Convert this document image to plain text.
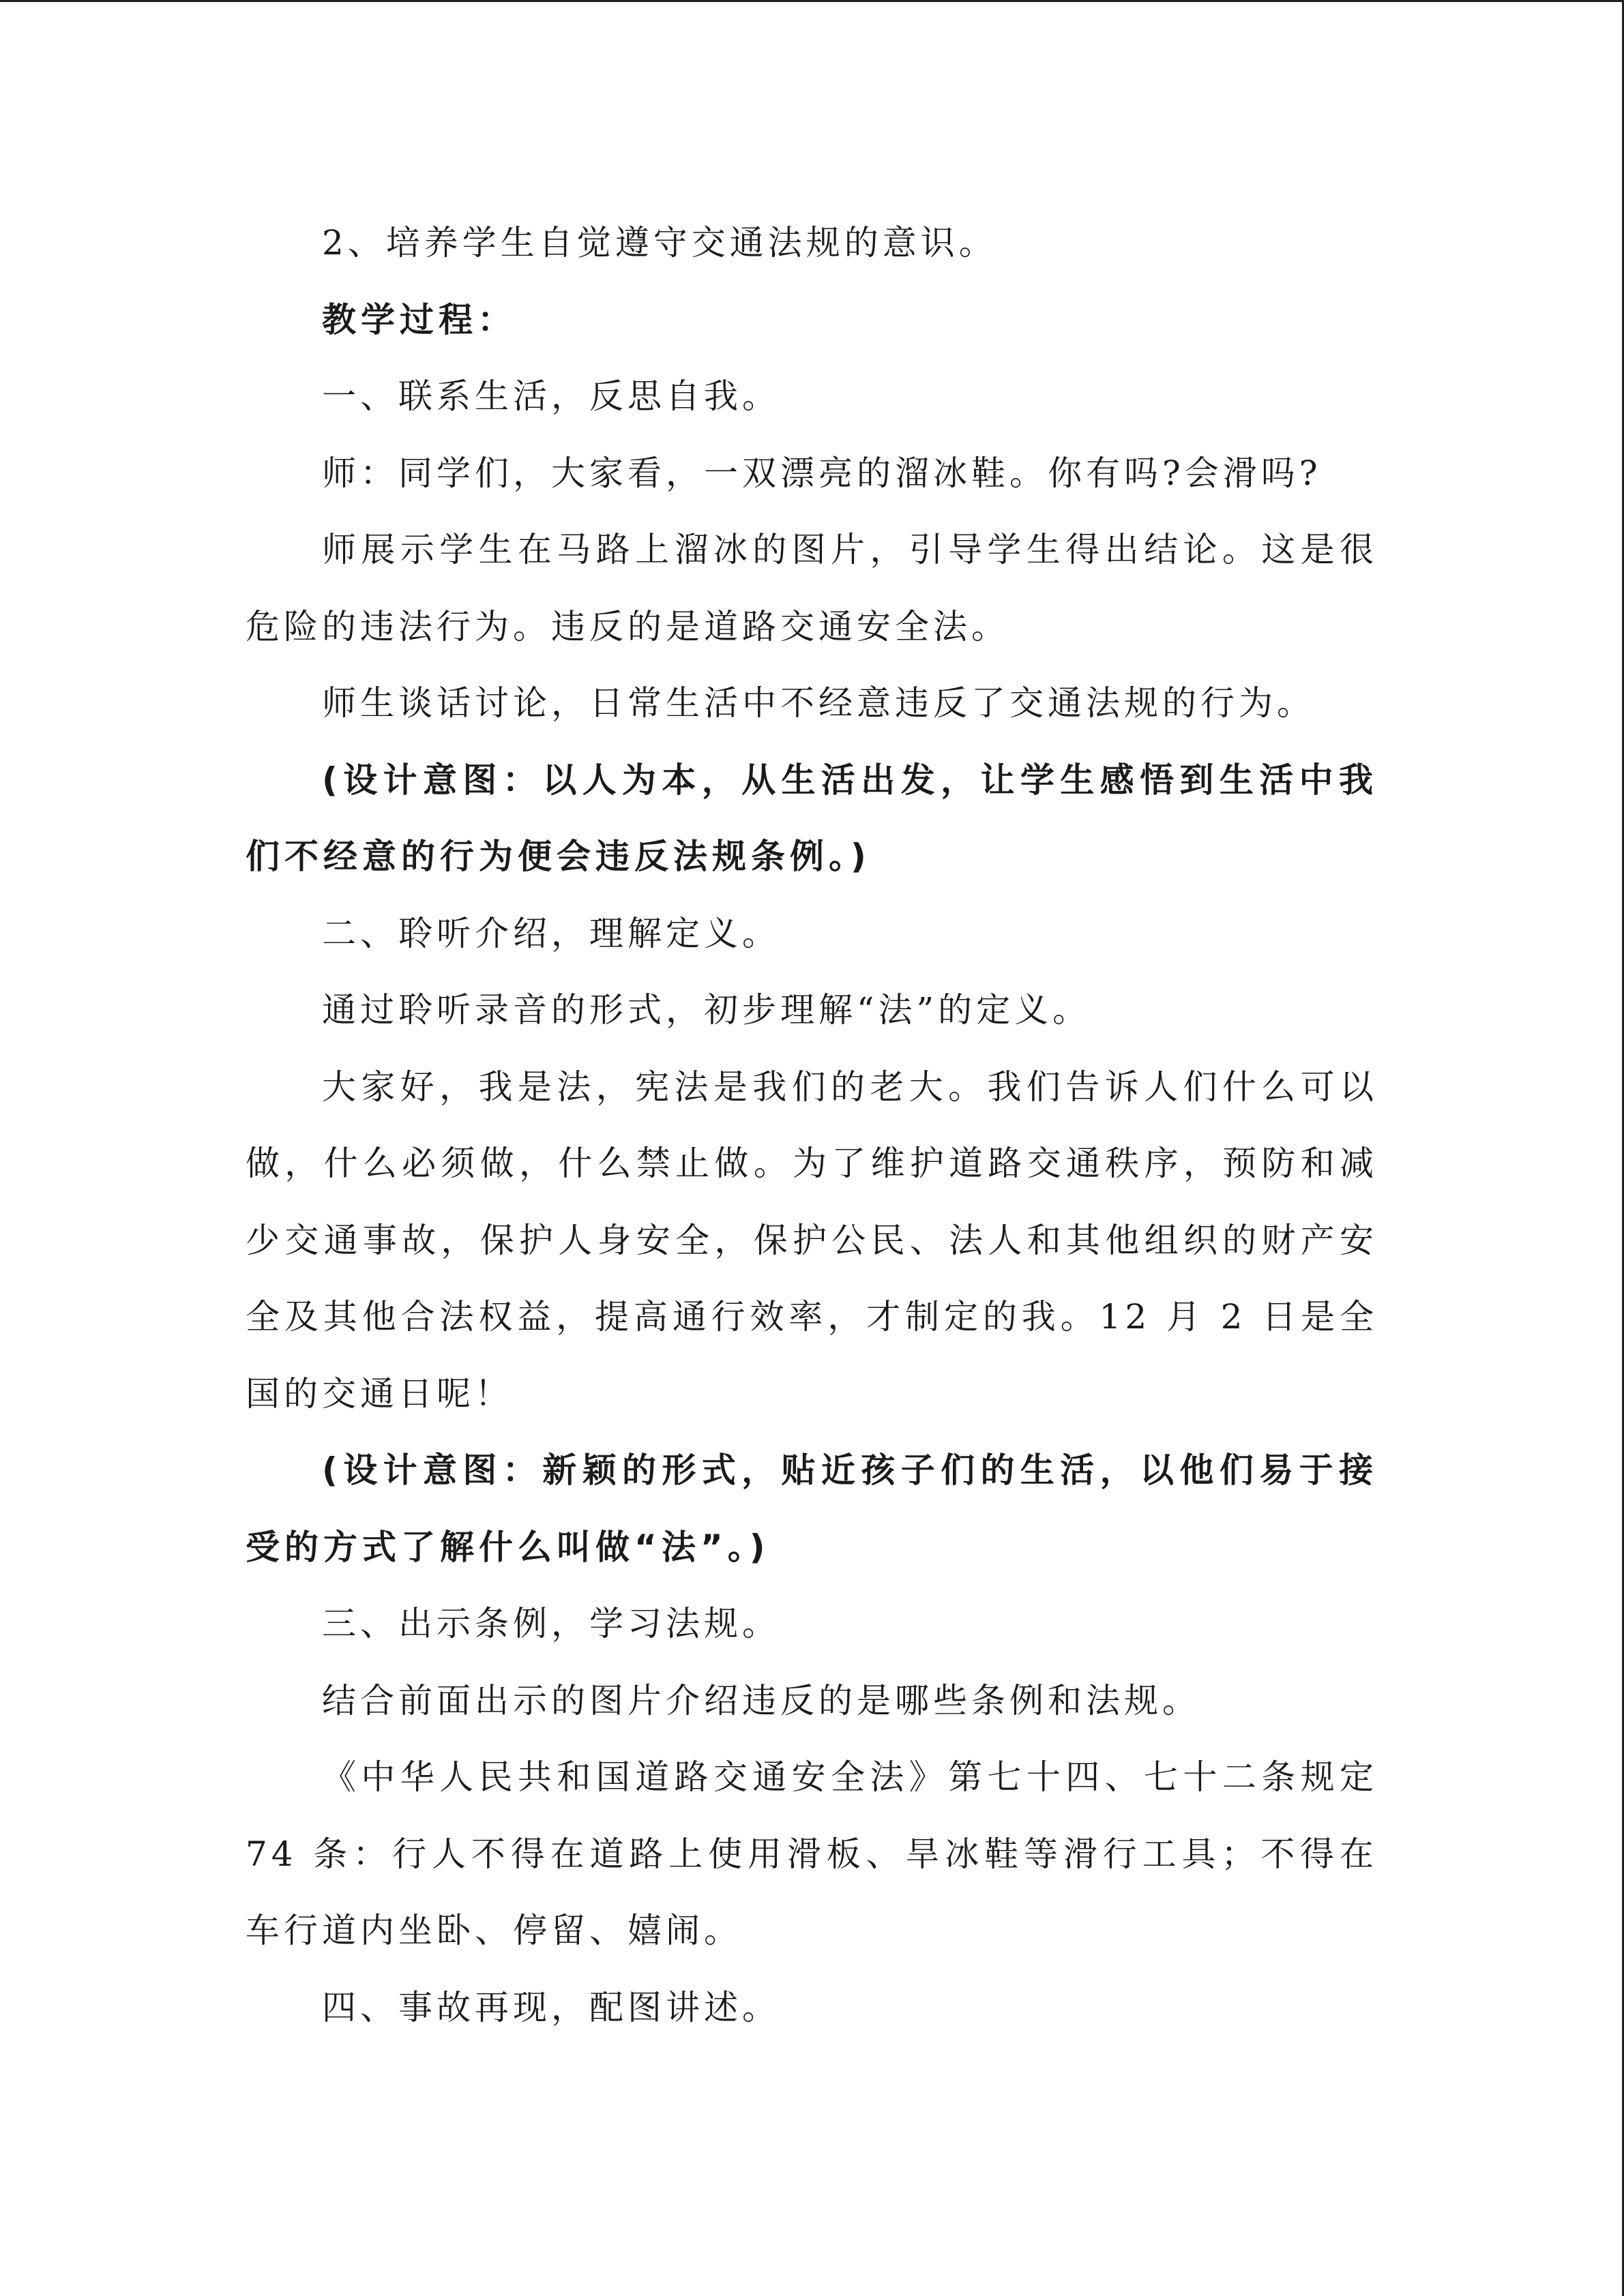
2、培养学生自觉遵守交通法规的意识。

教学过程：

一、联系生活，反思自我。

师：同学们，大家看，一双漂亮的溜冰鞋。你有吗?会滑吗?

师展示学生在马路上溜冰的图片，引导学生得出结论。这是很危险的违法行为。违反的是道路交通安全法。

师生谈话讨论，日常生活中不经意违反了交通法规的行为。

(设计意图：以人为本，从生活出发，让学生感悟到生活中我们不经意的行为便会违反法规条例。)

二、聆听介绍，理解定义。

通过聆听录音的形式，初步理解“法”的定义。

大家好，我是法，宪法是我们的老大。我们告诉人们什么可以做，什么必须做，什么禁止做。为了维护道路交通秩序，预防和减少交通事故，保护人身安全，保护公民、法人和其他组织的财产安全及其他合法权益，提高通行效率，才制定的我。12 月 2 日是全国的交通日呢！

(设计意图：新颖的形式，贴近孩子们的生活，以他们易于接受的方式了解什么叫做“法”。)

三、出示条例，学习法规。

结合前面出示的图片介绍违反的是哪些条例和法规。

《中华人民共和国道路交通安全法》第七十四、七十二条规定 74 条：行人不得在道路上使用滑板、旱冰鞋等滑行工具；不得在车行道内坐卧、停留、嬉闹。

四、事故再现，配图讲述。
